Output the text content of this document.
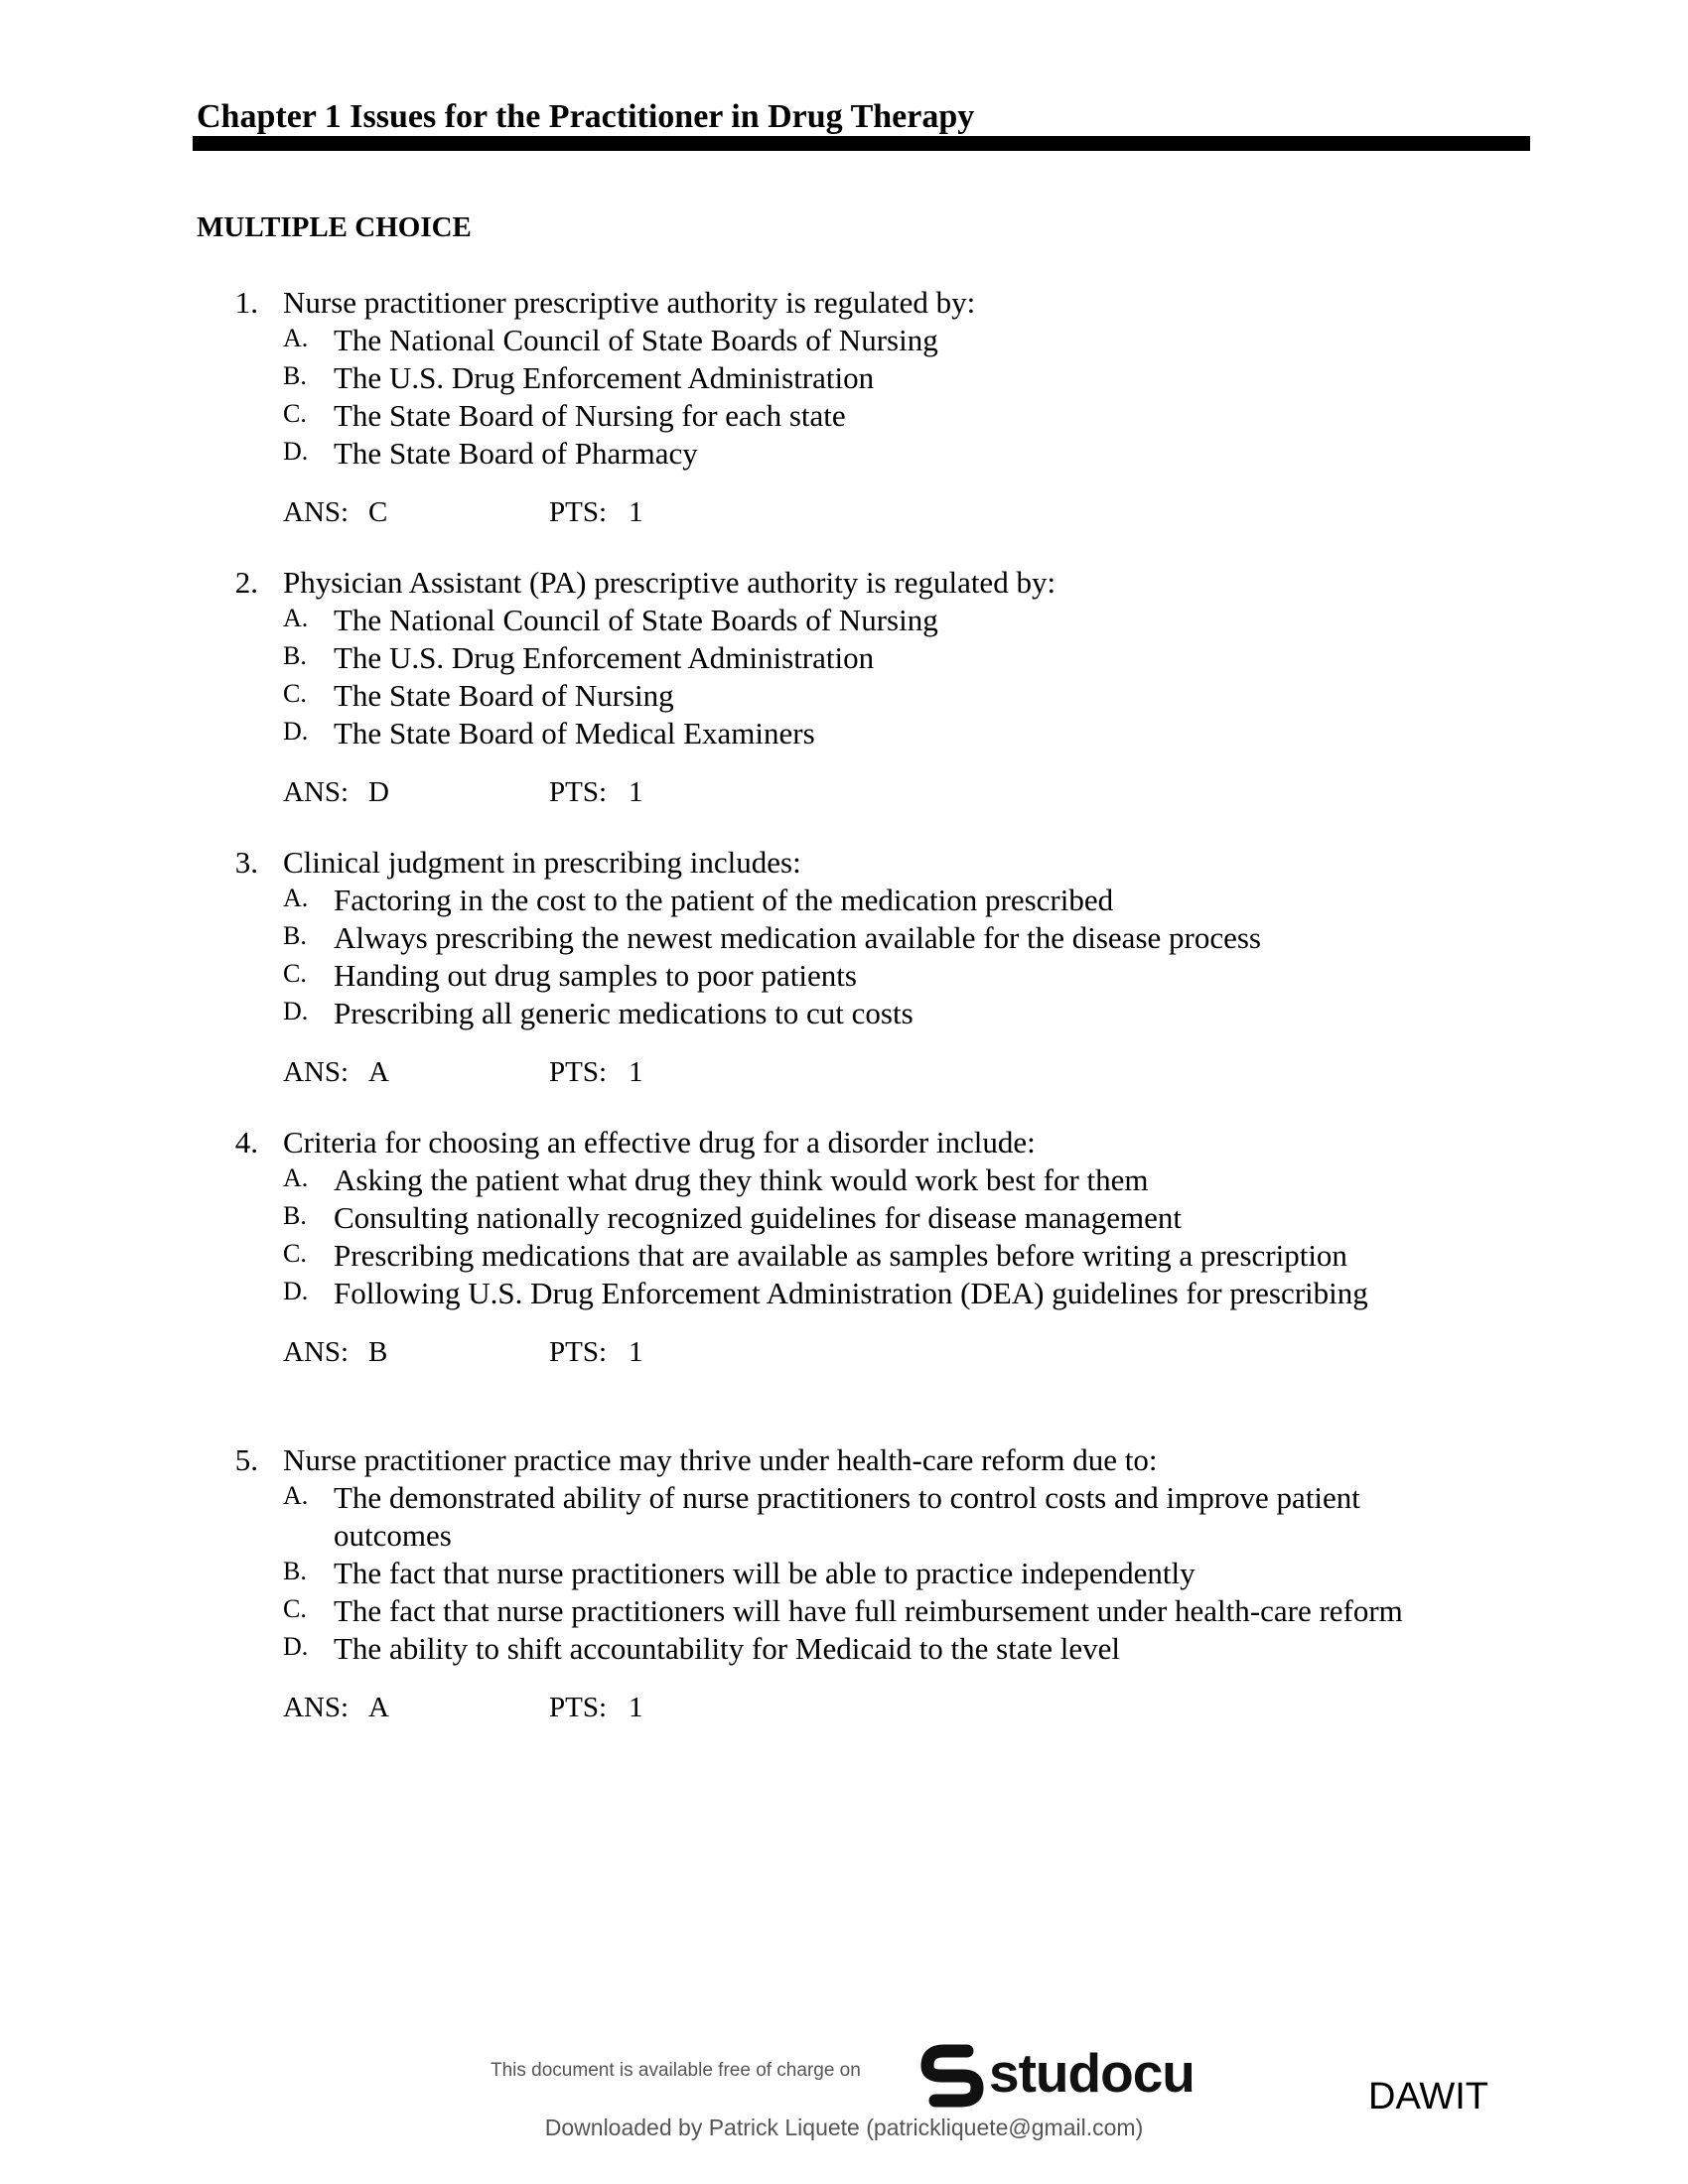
Chapter 1 Issues for the Practitioner in Drug Therapy
MULTIPLE CHOICE
1. Nurse practitioner prescriptive authority is regulated by:
A. The National Council of State Boards of Nursing
B. The U.S. Drug Enforcement Administration
C. The State Board of Nursing for each state
D. The State Board of Pharmacy
ANS: C	PTS: 1
2. Physician Assistant (PA) prescriptive authority is regulated by:
A. The National Council of State Boards of Nursing
B. The U.S. Drug Enforcement Administration
C. The State Board of Nursing
D. The State Board of Medical Examiners
ANS: D	PTS: 1
3. Clinical judgment in prescribing includes:
A. Factoring in the cost to the patient of the medication prescribed
B. Always prescribing the newest medication available for the disease process
C. Handing out drug samples to poor patients
D. Prescribing all generic medications to cut costs
ANS: A	PTS: 1
4. Criteria for choosing an effective drug for a disorder include:
A. Asking the patient what drug they think would work best for them
B. Consulting nationally recognized guidelines for disease management
C. Prescribing medications that are available as samples before writing a prescription
D. Following U.S. Drug Enforcement Administration (DEA) guidelines for prescribing
ANS: B	PTS: 1
5. Nurse practitioner practice may thrive under health-care reform due to:
A. The demonstrated ability of nurse practitioners to control costs and improve patient outcomes
B. The fact that nurse practitioners will be able to practice independently
C. The fact that nurse practitioners will have full reimbursement under health-care reform
D. The ability to shift accountability for Medicaid to the state level
ANS: A	PTS: 1
This document is available free of charge on studocu	DAWIT
Downloaded by Patrick Liquete (patrickliquete@gmail.com)
